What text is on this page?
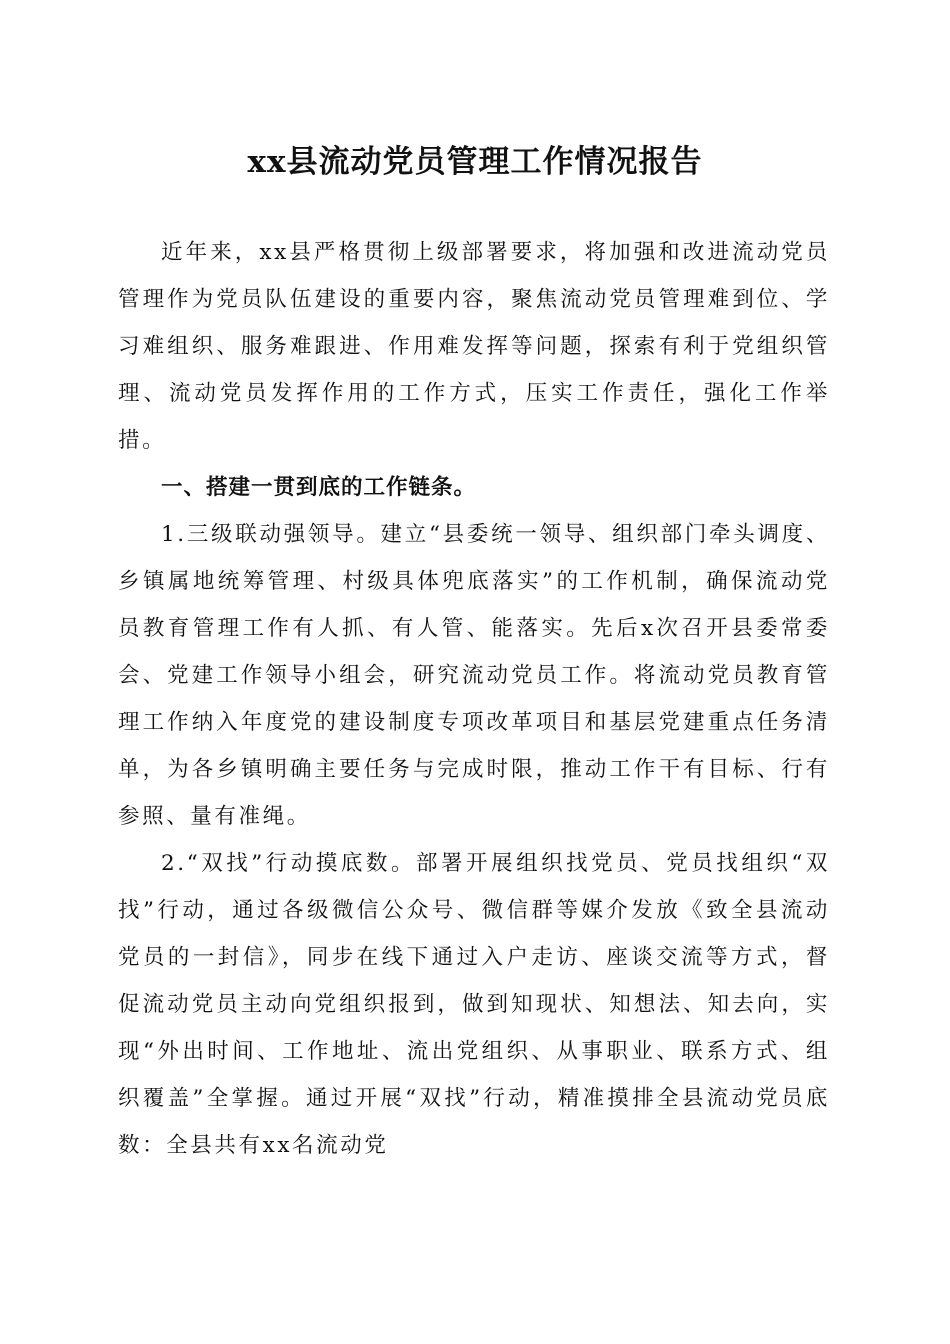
xx县流动党员管理工作情况报告

近年来，xx县严格贯彻上级部署要求，将加强和改进流动党员管理作为党员队伍建设的重要内容，聚焦流动党员管理难到位、学习难组织、服务难跟进、作用难发挥等问题，探索有利于党组织管理、流动党员发挥作用的工作方式，压实工作责任，强化工作举措。

一、搭建一贯到底的工作链条。

1.三级联动强领导。建立“县委统一领导、组织部门牵头调度、乡镇属地统筹管理、村级具体兜底落实”的工作机制，确保流动党员教育管理工作有人抓、有人管、能落实。先后x次召开县委常委会、党建工作领导小组会，研究流动党员工作。将流动党员教育管理工作纳入年度党的建设制度专项改革项目和基层党建重点任务清单，为各乡镇明确主要任务与完成时限，推动工作干有目标、行有参照、量有准绳。

2.“双找”行动摸底数。部署开展组织找党员、党员找组织“双找”行动，通过各级微信公众号、微信群等媒介发放《致全县流动党员的一封信》，同步在线下通过入户走访、座谈交流等方式，督促流动党员主动向党组织报到，做到知现状、知想法、知去向，实现“外出时间、工作地址、流出党组织、从事职业、联系方式、组织覆盖”全掌握。通过开展“双找”行动，精准摸排全县流动党员底数：全县共有xx名流动党
